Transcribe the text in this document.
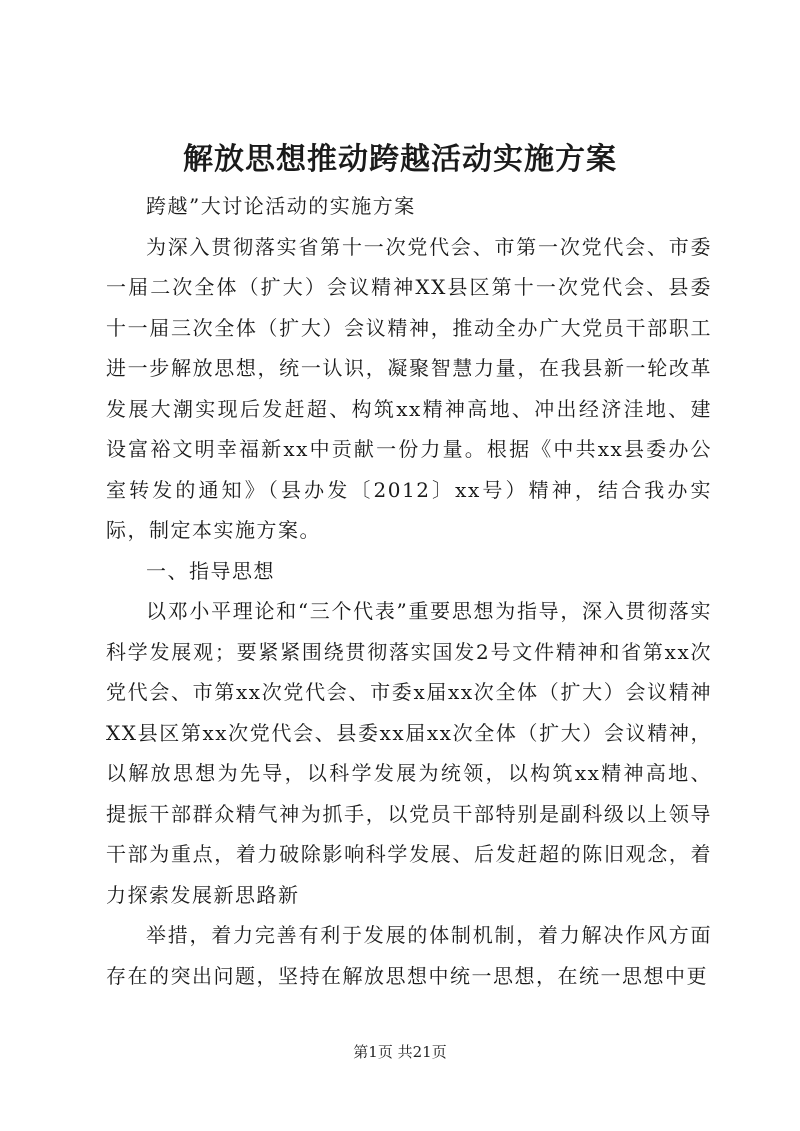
解放思想推动跨越活动实施方案

跨越”大讨论活动的实施方案

为深入贯彻落实省第十一次党代会、市第一次党代会、市委一届二次全体（扩大）会议精神XX县区第十一次党代会、县委十一届三次全体（扩大）会议精神，推动全办广大党员干部职工进一步解放思想，统一认识，凝聚智慧力量，在我县新一轮改革发展大潮实现后发赶超、构筑xx精神高地、冲出经济洼地、建设富裕文明幸福新xx中贡献一份力量。根据《中共xx县委办公室转发的通知》（县办发〔2012〕xx号）精神，结合我办实际，制定本实施方案。

一、指导思想

以邓小平理论和“三个代表”重要思想为指导，深入贯彻落实科学发展观；要紧紧围绕贯彻落实国发2号文件精神和省第xx次党代会、市第xx次党代会、市委x届xx次全体（扩大）会议精神XX县区第xx次党代会、县委xx届xx次全体（扩大）会议精神，以解放思想为先导，以科学发展为统领，以构筑xx精神高地、提振干部群众精气神为抓手，以党员干部特别是副科级以上领导干部为重点，着力破除影响科学发展、后发赶超的陈旧观念，着力探索发展新思路新

举措，着力完善有利于发展的体制机制，着力解决作风方面存在的突出问题，坚持在解放思想中统一思想，在统一思想中更

第1页 共21页
